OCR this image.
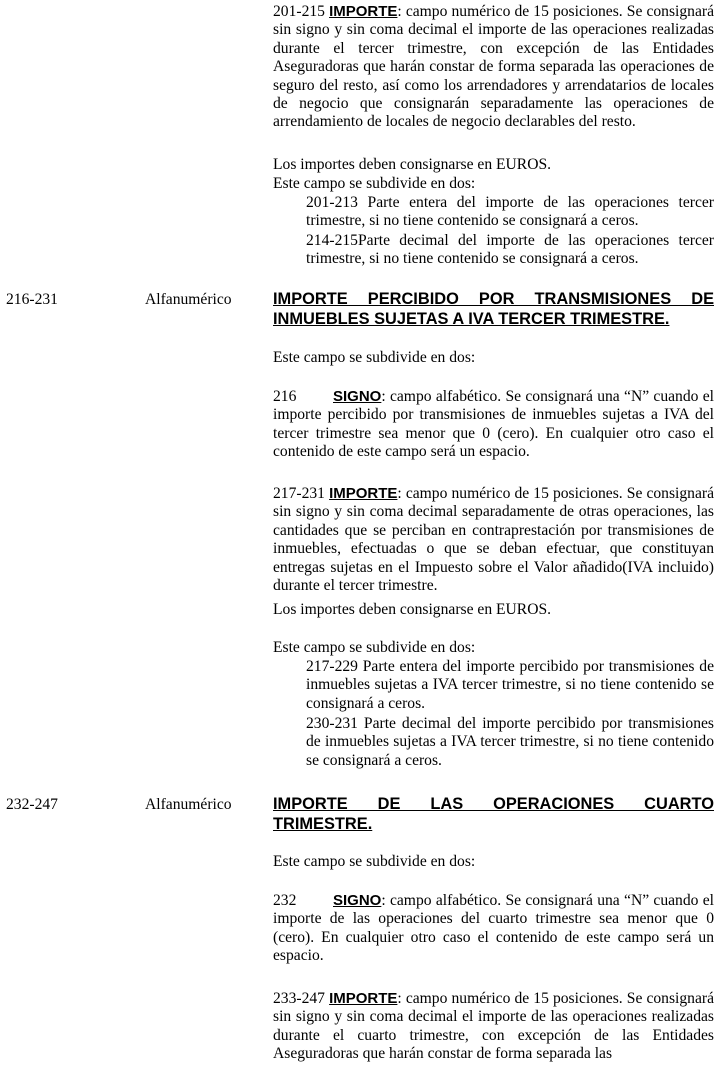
201-215 IMPORTE: campo numérico de 15 posiciones. Se consignará sin signo y sin coma decimal el importe de las operaciones realizadas durante el tercer trimestre, con excepción de las Entidades Aseguradoras que harán constar de forma separada las operaciones de seguro del resto, así como los arrendadores y arrendatarios de locales de negocio que consignarán separadamente las operaciones de arrendamiento de locales de negocio declarables del resto.
Los importes deben consignarse en EUROS.
Este campo se subdivide en dos:
201-213 Parte entera del importe de las operaciones tercer trimestre, si no tiene contenido se consignará a ceros.
214-215Parte decimal del importe de las operaciones tercer trimestre, si no tiene contenido se consignará a ceros.
216-231	Alfanumérico	IMPORTE PERCIBIDO POR TRANSMISIONES DE
INMUEBLES SUJETAS A IVA TERCER TRIMESTRE.
Este campo se subdivide en dos:
216 SIGNO: campo alfabético. Se consignará una “N” cuando el importe percibido por transmisiones de inmuebles sujetas a IVA del tercer trimestre sea menor que 0 (cero). En cualquier otro caso el contenido de este campo será un espacio.
217-231 IMPORTE: campo numérico de 15 posiciones. Se consignará sin signo y sin coma decimal separadamente de otras operaciones, las cantidades que se perciban en contraprestación por transmisiones de inmuebles, efectuadas o que se deban efectuar, que constituyan entregas sujetas en el Impuesto sobre el Valor añadido(IVA incluido) durante el tercer trimestre.
Los importes deben consignarse en EUROS.
Este campo se subdivide en dos:
217-229 Parte entera del importe percibido por transmisiones de inmuebles sujetas a IVA tercer trimestre, si no tiene contenido se consignará a ceros.
230-231 Parte decimal del importe percibido por transmisiones de inmuebles sujetas a IVA tercer trimestre, si no tiene contenido se consignará a ceros.
232-247	Alfanumérico	IMPORTE DE LAS OPERACIONES CUARTO
TRIMESTRE.
Este campo se subdivide en dos:
232 SIGNO: campo alfabético. Se consignará una “N” cuando el importe de las operaciones del cuarto trimestre sea menor que 0 (cero). En cualquier otro caso el contenido de este campo será un espacio.
233-247 IMPORTE: campo numérico de 15 posiciones. Se consignará sin signo y sin coma decimal el importe de las operaciones realizadas durante el cuarto trimestre, con excepción de las Entidades Aseguradoras que harán constar de forma separada las
